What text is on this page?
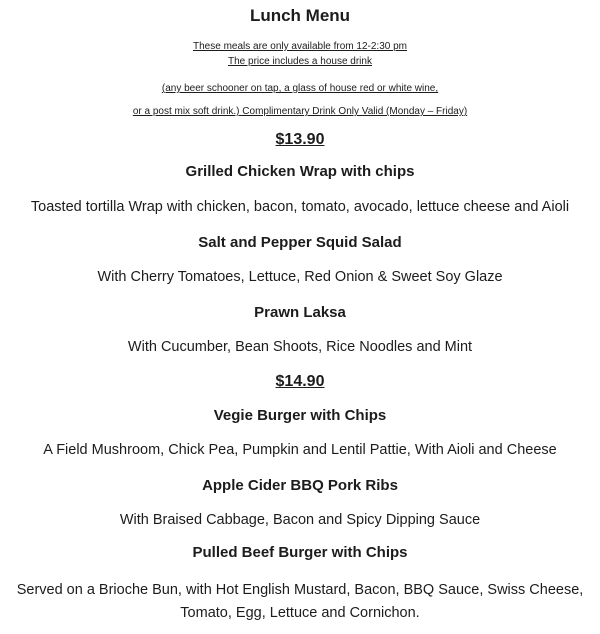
Lunch Menu

These meals are only available from 12-2:30 pm
The price includes a house drink

(any beer schooner on tap, a glass of house red or white wine,

or a post mix soft drink.) Complimentary Drink Only Valid (Monday – Friday)

$13.90

Grilled Chicken Wrap with chips

Toasted tortilla Wrap with chicken, bacon, tomato, avocado, lettuce cheese and Aioli

Salt and Pepper Squid Salad

With Cherry Tomatoes, Lettuce, Red Onion & Sweet Soy Glaze

Prawn Laksa

With Cucumber, Bean Shoots, Rice Noodles and Mint

$14.90

Vegie Burger with Chips

A Field Mushroom, Chick Pea, Pumpkin and Lentil Pattie, With Aioli and Cheese

Apple Cider BBQ Pork Ribs

With Braised Cabbage, Bacon and Spicy Dipping Sauce

Pulled Beef Burger with Chips

Served on a Brioche Bun, with Hot English Mustard, Bacon, BBQ Sauce, Swiss Cheese, Tomato, Egg, Lettuce and Cornichon.
